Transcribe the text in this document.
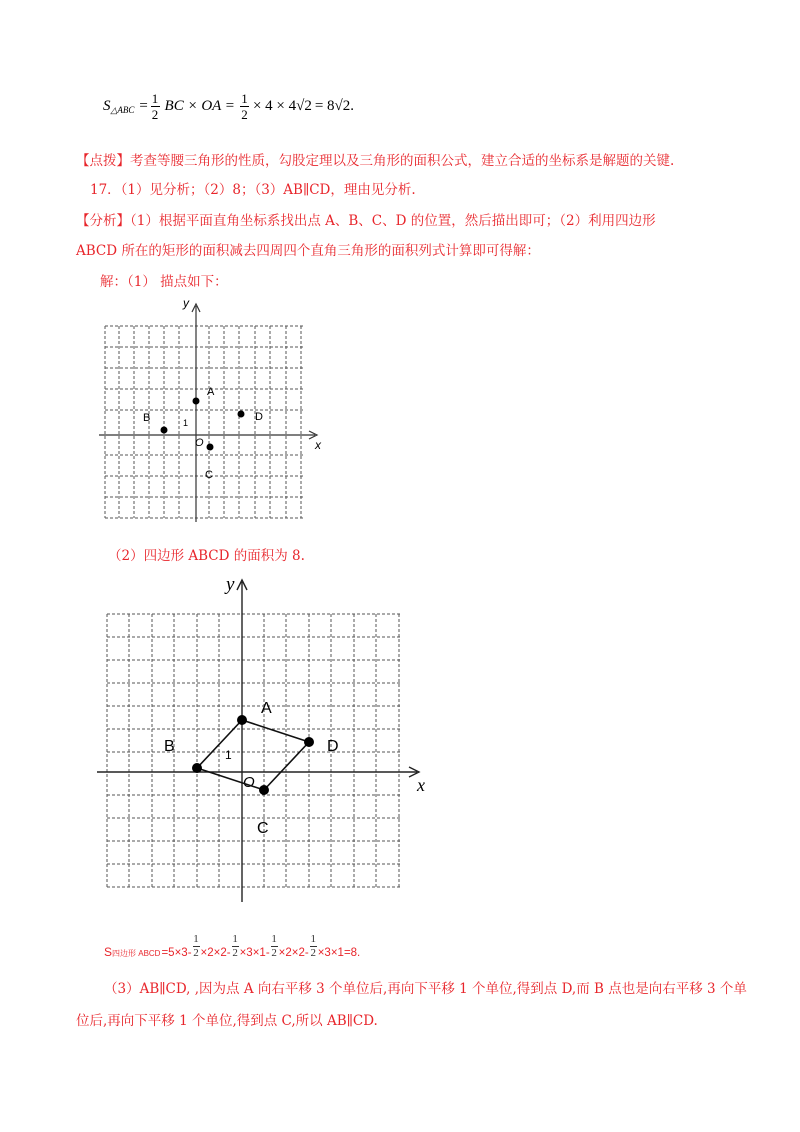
S △ABC = $\frac{1}{2}$ BC × OA = $\frac{1}{2} \times 4 \times 4$ √2 = 8√2.
【点拨】考查等腰三角形的性质，勾股定理以及三角形的面积公式，建立合适的坐标系是解题的关键.
17．（1）见分析；（2）8；（3）AB∥CD，理由见分析.
【分析】（1）根据平面直角坐标系找出点 A、B、C、D 的位置，然后描出即可；（2）利用四边形
ABCD 所在的矩形的面积减去四周四个直角三角形的面积列式计算即可得解：
解：（1） 描点如下：
y
x
O
1
A
B
C
D
（2）四边形 ABCD 的面积为 8.
y
x
O
1
A
B
C
D
S 四边形 ABCD =5×3-
1
2 ×2×2-
1
2 ×3×1-
1
2 ×2×2-
1
2 ×3×1=8.
（3）AB∥CD, ,因为点 A 向右平移 3 个单位后,再向下平移 1 个单位,得到点 D,而 B 点也是向右平移 3 个单
位后,再向下平移 1 个单位,得到点 C,所以 AB∥CD.
